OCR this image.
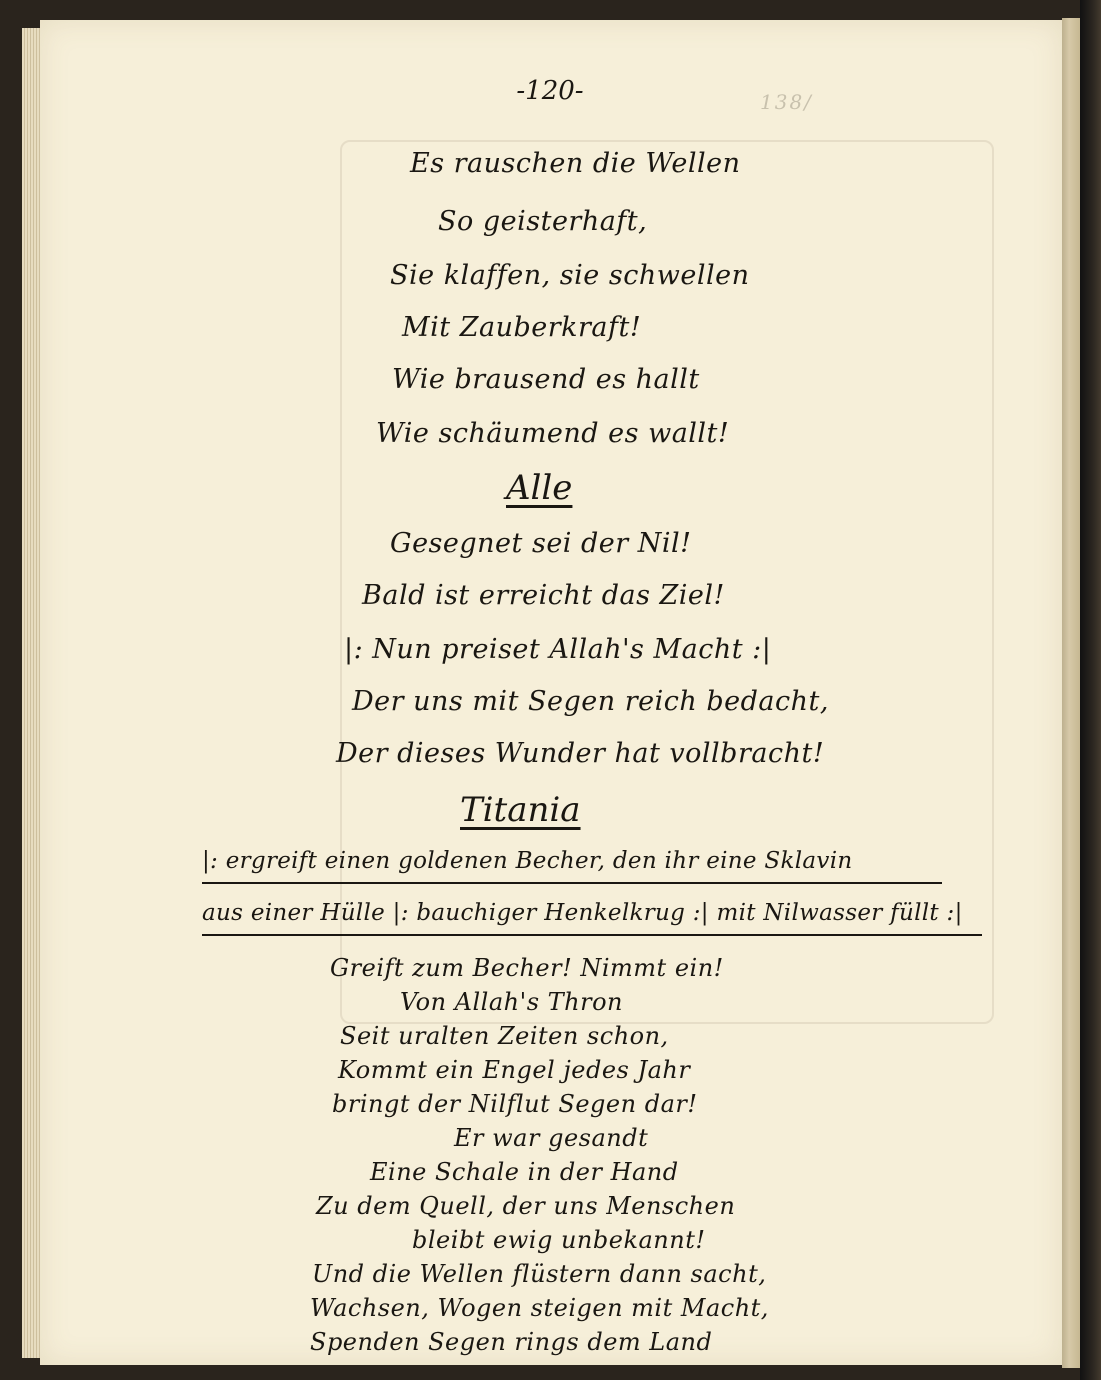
138/
-120-
Es rauschen die Wellen
So geisterhaft,
Sie klaffen, sie schwellen
Mit Zauberkraft!
Wie brausend es hallt
Wie schäumend es wallt!
Alle
Gesegnet sei der Nil!
Bald ist erreicht das Ziel!
|: Nun preiset Allah's Macht :|
Der uns mit Segen reich bedacht,
Der dieses Wunder hat vollbracht!
Titania
|: ergreift einen goldenen Becher, den ihr eine Sklavin
aus einer Hülle |: bauchiger Henkelkrug :| mit Nilwasser füllt :|
Greift zum Becher! Nimmt ein!
Von Allah's Thron
Seit uralten Zeiten schon,
Kommt ein Engel jedes Jahr
bringt der Nilflut Segen dar!
Er war gesandt
Eine Schale in der Hand
Zu dem Quell, der uns Menschen
bleibt ewig unbekannt!
Und die Wellen flüstern dann sacht,
Wachsen, Wogen steigen mit Macht,
Spenden Segen rings dem Land
